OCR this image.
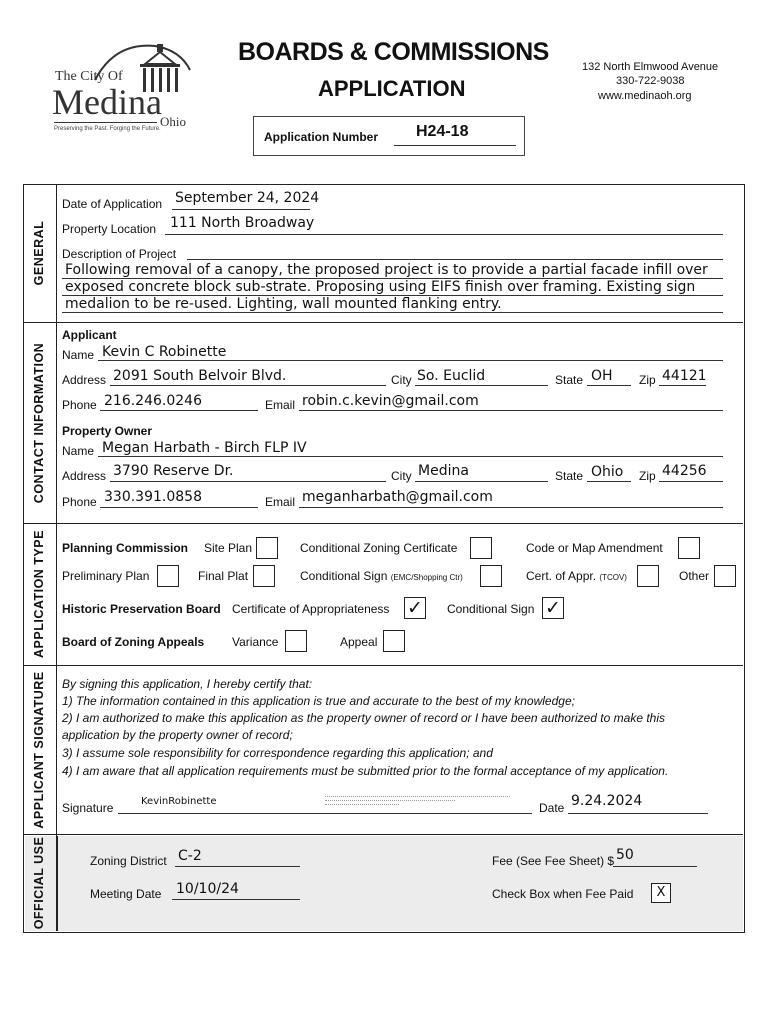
The City Of
Medina
Ohio
Preserving the Past. Forging the Future.
BOARDS & COMMISSIONS
APPLICATION
132 North Elmwood Avenue
330-722-9038
www.medinaoh.org
Application Number H24-18
GENERAL
CONTACT INFORMATION
APPLICATION TYPE
APPLICANT SIGNATURE
OFFICIAL USE
Date of Application September 24, 2024
Property Location 111 North Broadway
Description of Project
Following removal of a canopy, the proposed project is to provide a partial facade infill over
exposed concrete block sub-strate. Proposing using EIFS finish over framing. Existing sign
medalion to be re-used. Lighting, wall mounted flanking entry.
Applicant
Name Kevin C Robinette
Address 2091 South Belvoir Blvd.	City So. Euclid	State OH Zip 44121
Phone 216.246.0246	Email robin.c.kevin@gmail.com
Property Owner
Name Megan Harbath - Birch FLP IV
Address 3790 Reserve Dr.	City Medina	State Ohio Zip 44256
Phone 330.391.0858	Email meganharbath@gmail.com
Planning Commission Site Plan	Conditional Zoning Certificate	Code or Map Amendment
Preliminary Plan	Final Plat	Conditional Sign (EMC/Shopping Ctr)	Cert. of Appr. (TCOV)	Other
Historic Preservation Board Certificate of Appropriateness ✓ Conditional Sign ✓
Board of Zoning Appeals Variance	Appeal
By signing this application, I hereby certify that:
1) The information contained in this application is true and accurate to the best of my knowledge;
2) I am authorized to make this application as the property owner of record or I have been authorized to make this
application by the property owner of record;
3) I assume sole responsibility for correspondence regarding this application; and
4) I am aware that all application requirements must be submitted prior to the formal acceptance of my application.
Signature	KevinRobinette	Date 9.24.2024
Zoning District C-2
Meeting Date 10/10/24
Fee (See Fee Sheet) $ 50
Check Box when Fee Paid	X
